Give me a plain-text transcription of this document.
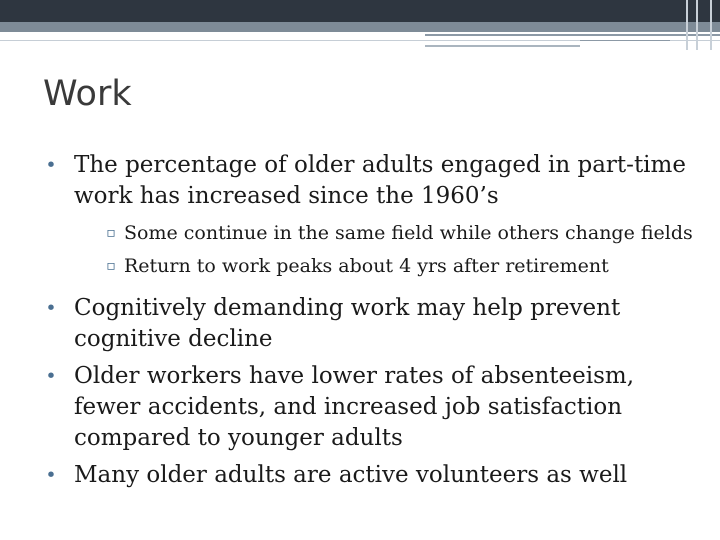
Work
• The percentage of older adults engaged in part-time work has increased since the 1960’s
▫ Some continue in the same field while others change fields
▫ Return to work peaks about 4 yrs after retirement
• Cognitively demanding work may help prevent cognitive decline
• Older workers have lower rates of absenteeism, fewer accidents, and increased job satisfaction compared to younger adults
• Many older adults are active volunteers as well
